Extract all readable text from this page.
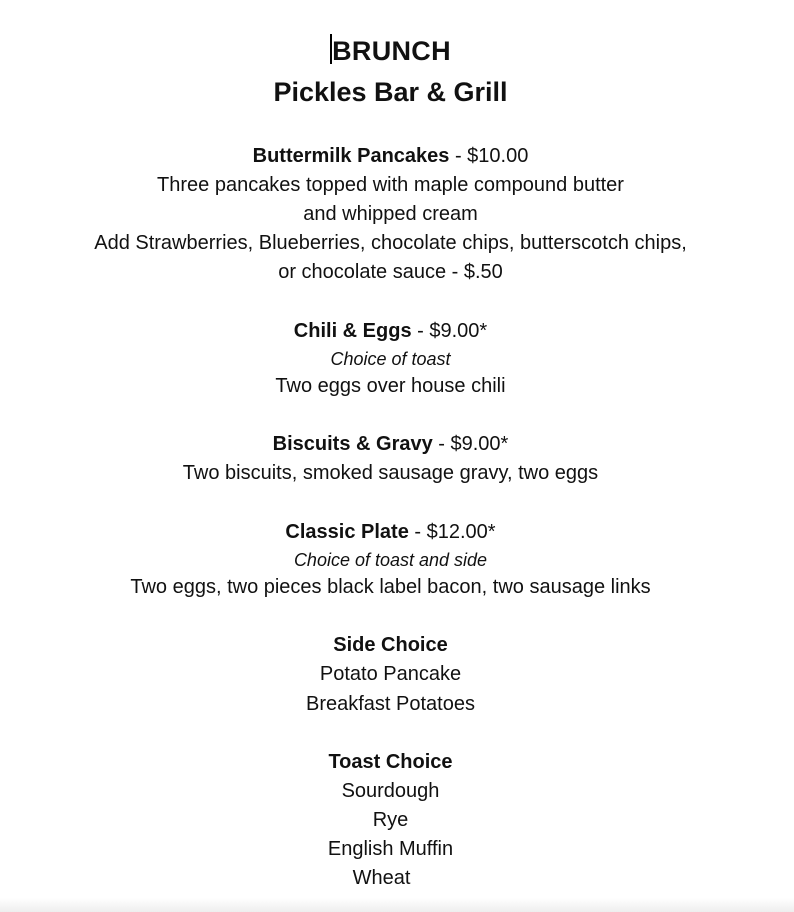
BRUNCH
Pickles Bar & Grill
Buttermilk Pancakes - $10.00
Three pancakes topped with maple compound butter
and whipped cream
Add Strawberries, Blueberries, chocolate chips, butterscotch chips,
or chocolate sauce - $.50
Chili & Eggs - $9.00*
Choice of toast
Two eggs over house chili
Biscuits & Gravy - $9.00*
Two biscuits, smoked sausage gravy, two eggs
Classic Plate - $12.00*
Choice of toast and side
Two eggs, two pieces black label bacon, two sausage links
Side Choice
Potato Pancake
Breakfast Potatoes
Toast Choice
Sourdough
Rye
English Muffin
Wheat
